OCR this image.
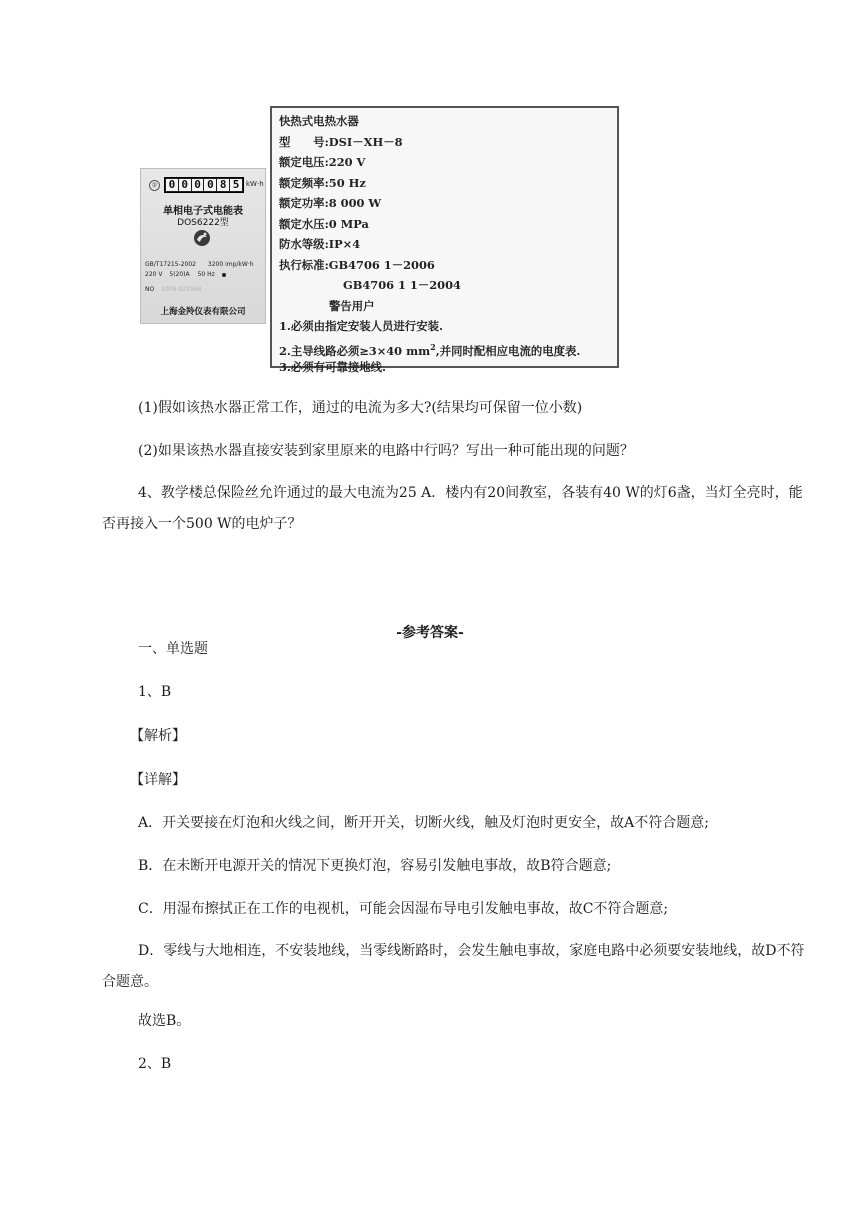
② 0 0 0 0 8 5 kW·h
单相电子式电能表
DOS6222型
GB/T17215-2002 3200 imp/kW·h
220 V 5(20)A 50 Hz
NO 2009-022568
上海金羚仪表有限公司
快热式电热水器
型　　号:DSI－XH－8
额定电压:220 V
额定频率:50 Hz
额定功率:8 000 W
额定水压:0 MPa
防水等级:IP×4
执行标准:GB4706 1－2006
GB4706 1 1－2004
警告用户
1.必须由指定安装人员进行安装.
2.主导线路必须≥3×40 $mm^2$,并同时配相应电流的电度表.
3.必须有可靠接地线.
(1)假如该热水器正常工作，通过的电流为多大?(结果均可保留一位小数)
(2)如果该热水器直接安装到家里原来的电路中行吗？写出一种可能出现的问题？
4、教学楼总保险丝允许通过的最大电流为25 A．楼内有20间教室，各装有40 W的灯6盏，当灯全亮时，能否再接入一个500 W的电炉子？
-参考答案-
一、单选题
1、B
【解析】
【详解】
A．开关要接在灯泡和火线之间，断开开关，切断火线，触及灯泡时更安全，故A不符合题意;
B．在未断开电源开关的情况下更换灯泡，容易引发触电事故，故B符合题意;
C．用湿布擦拭正在工作的电视机，可能会因湿布导电引发触电事故，故C不符合题意;
D．零线与大地相连，不安装地线，当零线断路时，会发生触电事故，家庭电路中必须要安装地线，故D不符合题意。
故选B。
2、B
